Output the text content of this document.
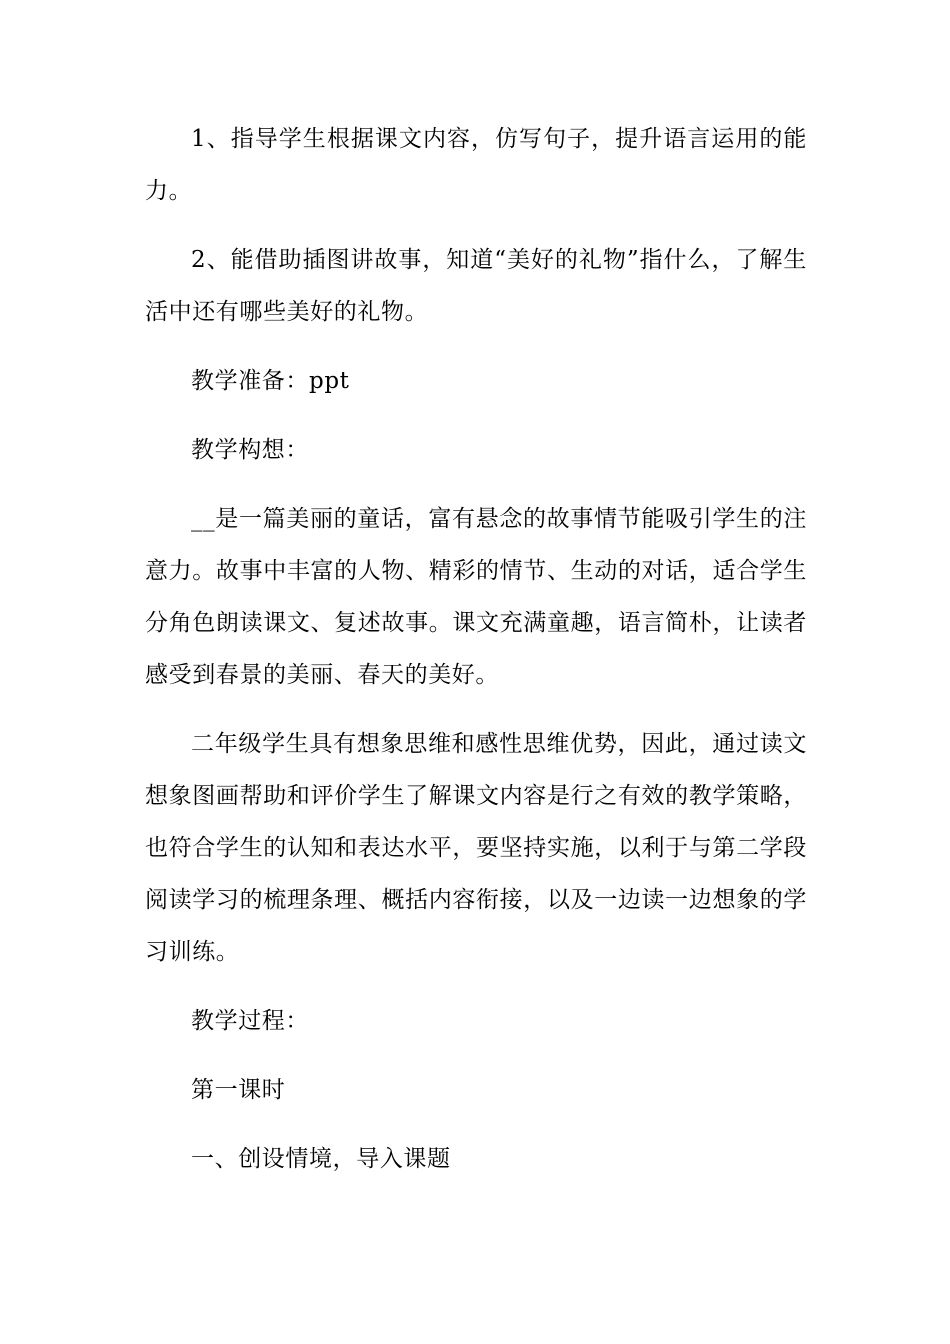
1、指导学生根据课文内容，仿写句子，提升语言运用的能力。

2、能借助插图讲故事，知道“美好的礼物”指什么，了解生活中还有哪些美好的礼物。

教学准备：ppt

教学构想：

__是一篇美丽的童话，富有悬念的故事情节能吸引学生的注意力。故事中丰富的人物、精彩的情节、生动的对话，适合学生分角色朗读课文、复述故事。课文充满童趣，语言简朴，让读者感受到春景的美丽、春天的美好。

二年级学生具有想象思维和感性思维优势，因此，通过读文想象图画帮助和评价学生了解课文内容是行之有效的教学策略，也符合学生的认知和表达水平，要坚持实施，以利于与第二学段阅读学习的梳理条理、概括内容衔接，以及一边读一边想象的学习训练。

教学过程：

第一课时

一、创设情境，导入课题
